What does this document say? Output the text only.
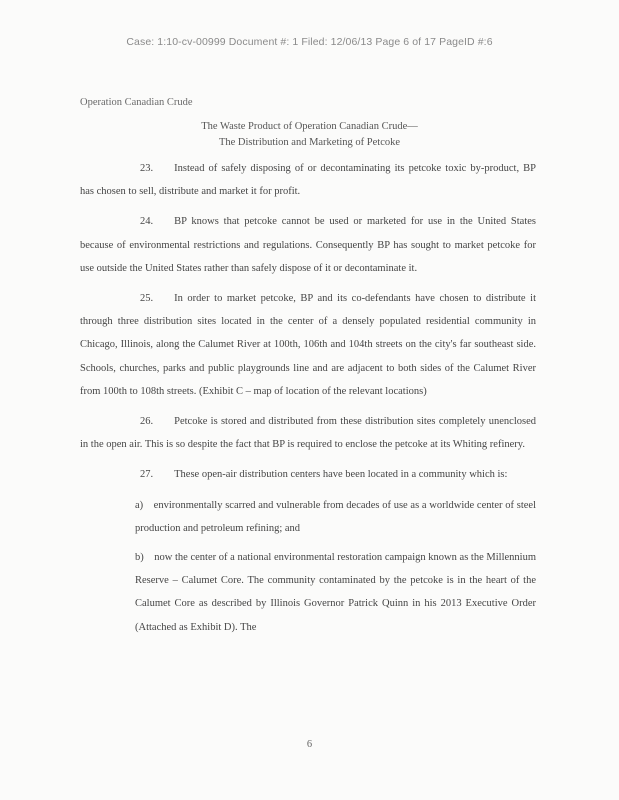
Case: 1:10-cv-00999 Document #: 1 Filed: 12/06/13 Page 6 of 17 PageID #:6
Operation Canadian Crude
The Waste Product of Operation Canadian Crude—
The Distribution and Marketing of Petcoke

23.  Instead of safely disposing of or decontaminating its petcoke toxic by-product, BP has chosen to sell, distribute and market it for profit.

24.  BP knows that petcoke cannot be used or marketed for use in the United States because of environmental restrictions and regulations. Consequently BP has sought to market petcoke for use outside the United States rather than safely dispose of it or decontaminate it.

25.  In order to market petcoke, BP and its co-defendants have chosen to distribute it through three distribution sites located in the center of a densely populated residential community in Chicago, Illinois, along the Calumet River at 100th, 106th and 104th streets on the city's far southeast side. Schools, churches, parks and public playgrounds line and are adjacent to both sides of the Calumet River from 100th to 108th streets. (Exhibit C – map of location of the relevant locations)

26.  Petcoke is stored and distributed from these distribution sites completely unenclosed in the open air. This is so despite the fact that BP is required to enclose the petcoke at its Whiting refinery.

27.  These open-air distribution centers have been located in a community which is:

a) environmentally scarred and vulnerable from decades of use as a worldwide center of steel production and petroleum refining; and

b) now the center of a national environmental restoration campaign known as the Millennium Reserve – Calumet Core. The community contaminated by the petcoke is in the heart of the Calumet Core as described by Illinois Governor Patrick Quinn in his 2013 Executive Order (Attached as Exhibit D). The

6
